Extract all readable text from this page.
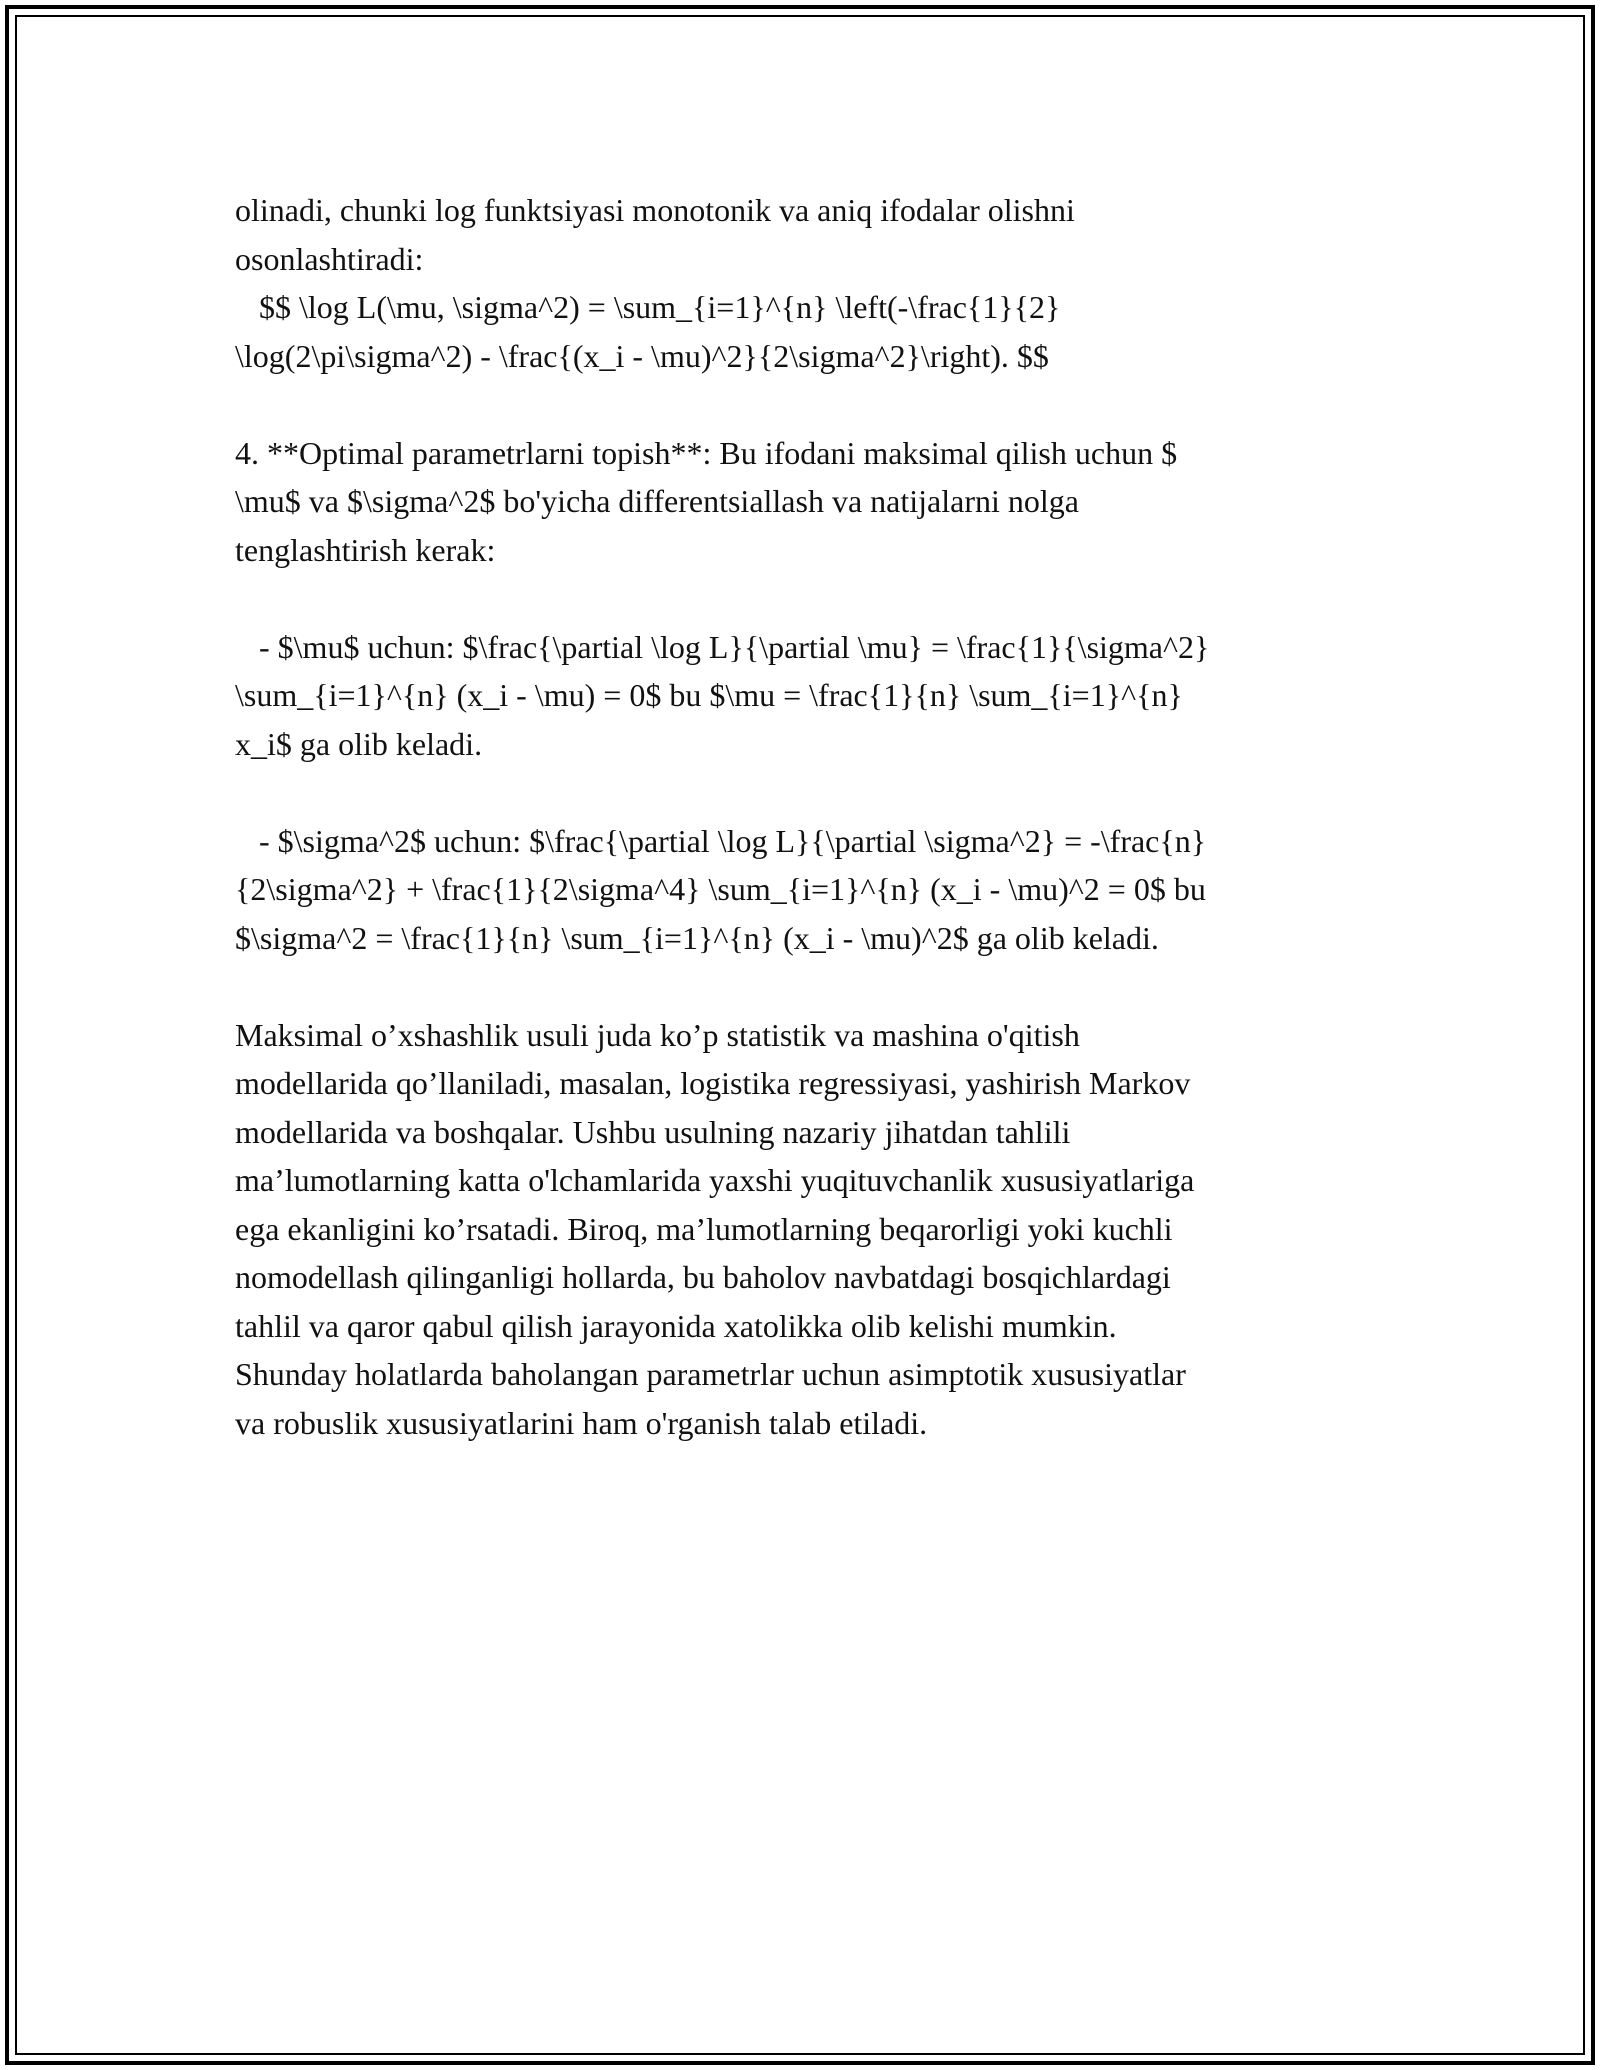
olinadi, chunki log funktsiyasi monotonik va aniq ifodalar olishni
osonlashtiradi:
$$ \log L(\mu, \sigma^2) = \sum_{i=1}^{n} \left(-\frac{1}{2}
\log(2\pi\sigma^2) - \frac{(x_i - \mu)^2}{2\sigma^2}\right). $$

4. **Optimal parametrlarni topish**: Bu ifodani maksimal qilish uchun $
\mu$ va $\sigma^2$ bo'yicha differentsiallash va natijalarni nolga
tenglashtirish kerak:

- $\mu$ uchun: $\frac{\partial \log L}{\partial \mu} = \frac{1}{\sigma^2}
\sum_{i=1}^{n} (x_i - \mu) = 0$ bu $\mu = \frac{1}{n} \sum_{i=1}^{n}
x_i$ ga olib keladi.

- $\sigma^2$ uchun: $\frac{\partial \log L}{\partial \sigma^2} = -\frac{n}
{2\sigma^2} + \frac{1}{2\sigma^4} \sum_{i=1}^{n} (x_i - \mu)^2 = 0$ bu
$\sigma^2 = \frac{1}{n} \sum_{i=1}^{n} (x_i - \mu)^2$ ga olib keladi.

Maksimal o’xshashlik usuli juda ko’p statistik va mashina o'qitish
modellarida qo’llaniladi, masalan, logistika regressiyasi, yashirish Markov
modellarida va boshqalar. Ushbu usulning nazariy jihatdan tahlili
ma’lumotlarning katta o'lchamlarida yaxshi yuqituvchanlik xususiyatlariga
ega ekanligini ko’rsatadi. Biroq, ma’lumotlarning beqarorligi yoki kuchli
nomodellash qilinganligi hollarda, bu baholov navbatdagi bosqichlardagi
tahlil va qaror qabul qilish jarayonida xatolikka olib kelishi mumkin.
Shunday holatlarda baholangan parametrlar uchun asimptotik xususiyatlar
va robuslik xususiyatlarini ham o'rganish talab etiladi.
